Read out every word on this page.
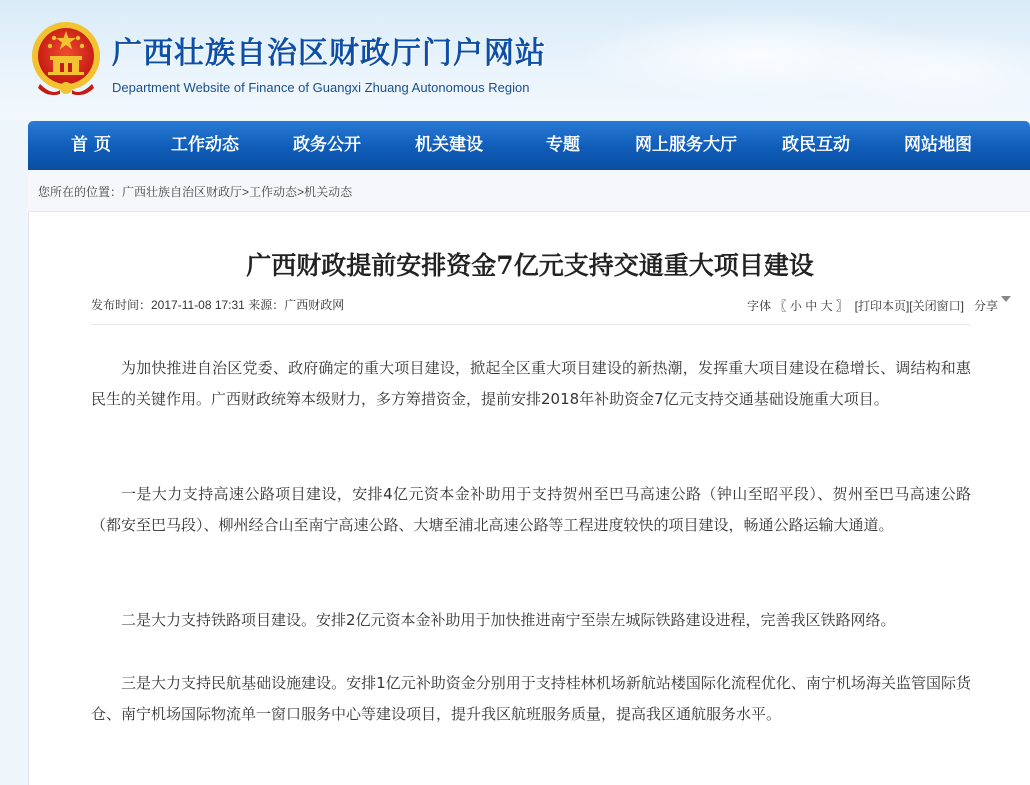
广西壮族自治区财政厅门户网站
Department Website of Finance of Guangxi Zhuang Autonomous Region
首 页	工作动态	政务公开	机关建设	专题	网上服务大厅	政民互动	网站地图
您所在的位置：广西壮族自治区财政厅>工作动态>机关动态
广西财政提前安排资金7亿元支持交通重大项目建设
发布时间：2017-11-08 17:31 来源：广西财政网	字体 〖 小 中 大 〗 [打印本页][关闭窗口] 分享

为加快推进自治区党委、政府确定的重大项目建设，掀起全区重大项目建设的新热潮，发挥重大项目建设在稳增长、调结构和惠民生的关键作用。广西财政统筹本级财力，多方筹措资金，提前安排2018年补助资金7亿元支持交通基础设施重大项目。

一是大力支持高速公路项目建设，安排4亿元资本金补助用于支持贺州至巴马高速公路（钟山至昭平段）、贺州至巴马高速公路（都安至巴马段）、柳州经合山至南宁高速公路、大塘至浦北高速公路等工程进度较快的项目建设，畅通公路运输大通道。

二是大力支持铁路项目建设。安排2亿元资本金补助用于加快推进南宁至崇左城际铁路建设进程，完善我区铁路网络。

三是大力支持民航基础设施建设。安排1亿元补助资金分别用于支持桂林机场新航站楼国际化流程优化、南宁机场海关监管国际货仓、南宁机场国际物流单一窗口服务中心等建设项目，提升我区航班服务质量，提高我区通航服务水平。
